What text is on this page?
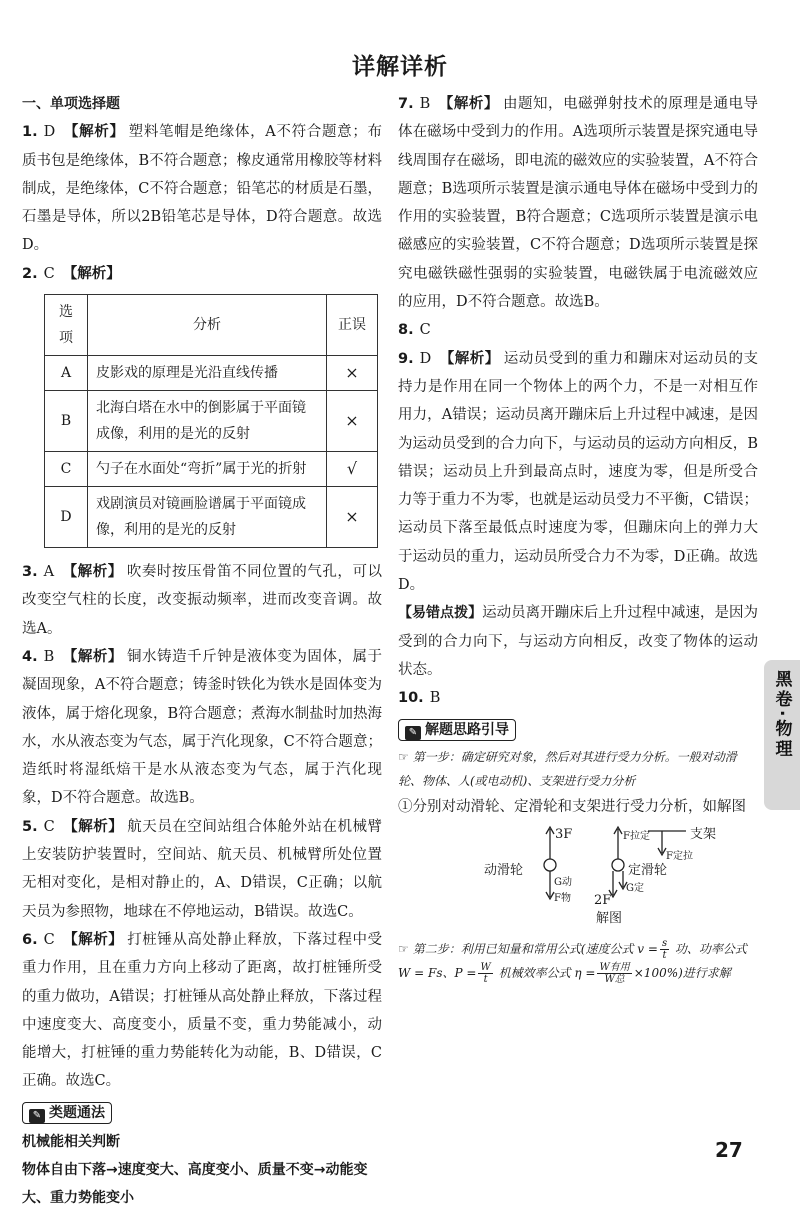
详解详析
一、单项选择题
1. D 【解析】 塑料笔帽是绝缘体，A不符合题意；布质书包是绝缘体，B不符合题意；橡皮通常用橡胶等材料制成，是绝缘体，C不符合题意；铅笔芯的材质是石墨，石墨是导体，所以2B铅笔芯是导体，D符合题意。故选D。
2. C 【解析】
选项	分析	正误
A	皮影戏的原理是光沿直线传播	×
B	北海白塔在水中的倒影属于平面镜成像，利用的是光的反射	×
C	勺子在水面处“弯折”属于光的折射	√
D	戏剧演员对镜画脸谱属于平面镜成像，利用的是光的反射	×
3. A 【解析】 吹奏时按压骨笛不同位置的气孔，可以改变空气柱的长度，改变振动频率，进而改变音调。故选A。
4. B 【解析】 铜水铸造千斤钟是液体变为固体，属于凝固现象，A不符合题意；铸釜时铁化为铁水是固体变为液体，属于熔化现象，B符合题意；煮海水制盐时加热海水，水从液态变为气态，属于汽化现象，C不符合题意；造纸时将湿纸焙干是水从液态变为气态，属于汽化现象，D不符合题意。故选B。
5. C 【解析】 航天员在空间站组合体舱外站在机械臂上安装防护装置时，空间站、航天员、机械臂所处位置无相对变化，是相对静止的，A、D错误，C正确；以航天员为参照物，地球在不停地运动，B错误。故选C。
6. C 【解析】 打桩锤从高处静止释放，下落过程中受重力作用，且在重力方向上移动了距离，故打桩锤所受的重力做功，A错误；打桩锤从高处静止释放，下落过程中速度变大、高度变小，质量不变，重力势能减小，动能增大，打桩锤的重力势能转化为动能，B、D错误，C正确。故选C。
✎ 类题通法
机械能相关判断
物体自由下落→速度变大、高度变小、质量不变→动能变大、重力势能变小
7. B 【解析】 由题知，电磁弹射技术的原理是通电导体在磁场中受到力的作用。A选项所示装置是探究通电导线周围存在磁场，即电流的磁效应的实验装置，A不符合题意；B选项所示装置是演示通电导体在磁场中受到力的作用的实验装置，B符合题意；C选项所示装置是演示电磁感应的实验装置，C不符合题意；D选项所示装置是探究电磁铁磁性强弱的实验装置，电磁铁属于电流磁效应的应用，D不符合题意。故选B。
8. C
9. D 【解析】 运动员受到的重力和蹦床对运动员的支持力是作用在同一个物体上的两个力，不是一对相互作用力，A错误；运动员离开蹦床后上升过程中减速，是因为运动员受到的合力向下，与运动员的运动方向相反，B错误；运动员上升到最高点时，速度为零，但是所受合力等于重力不为零，也就是运动员受力不平衡，C错误；运动员下落至最低点时速度为零，但蹦床向上的弹力大于运动员的重力，运动员所受合力不为零，D正确。故选D。
【易错点拨】运动员离开蹦床后上升过程中减速，是因为受到的合力向下，与运动方向相反，改变了物体的运动状态。
10. B
✎ 解题思路引导
☞ 第一步：确定研究对象，然后对其进行受力分析。一般对动滑轮、物体、人(或电动机)、支架进行受力分析
①分别对动滑轮、定滑轮和支架进行受力分析，如解图
3F
动滑轮
G动
F物
F拉定
定滑轮
G定
2F
支架
F定拉
解图
☞ 第二步：利用已知量和常用公式(速度公式 $v = \frac{s}{t}$ 功、功率公式 W = Fs、$P = \frac{W}{t}$ 机械效率公式 η = W有用
W总 ×100%)进行求解
黑卷·物理
27
